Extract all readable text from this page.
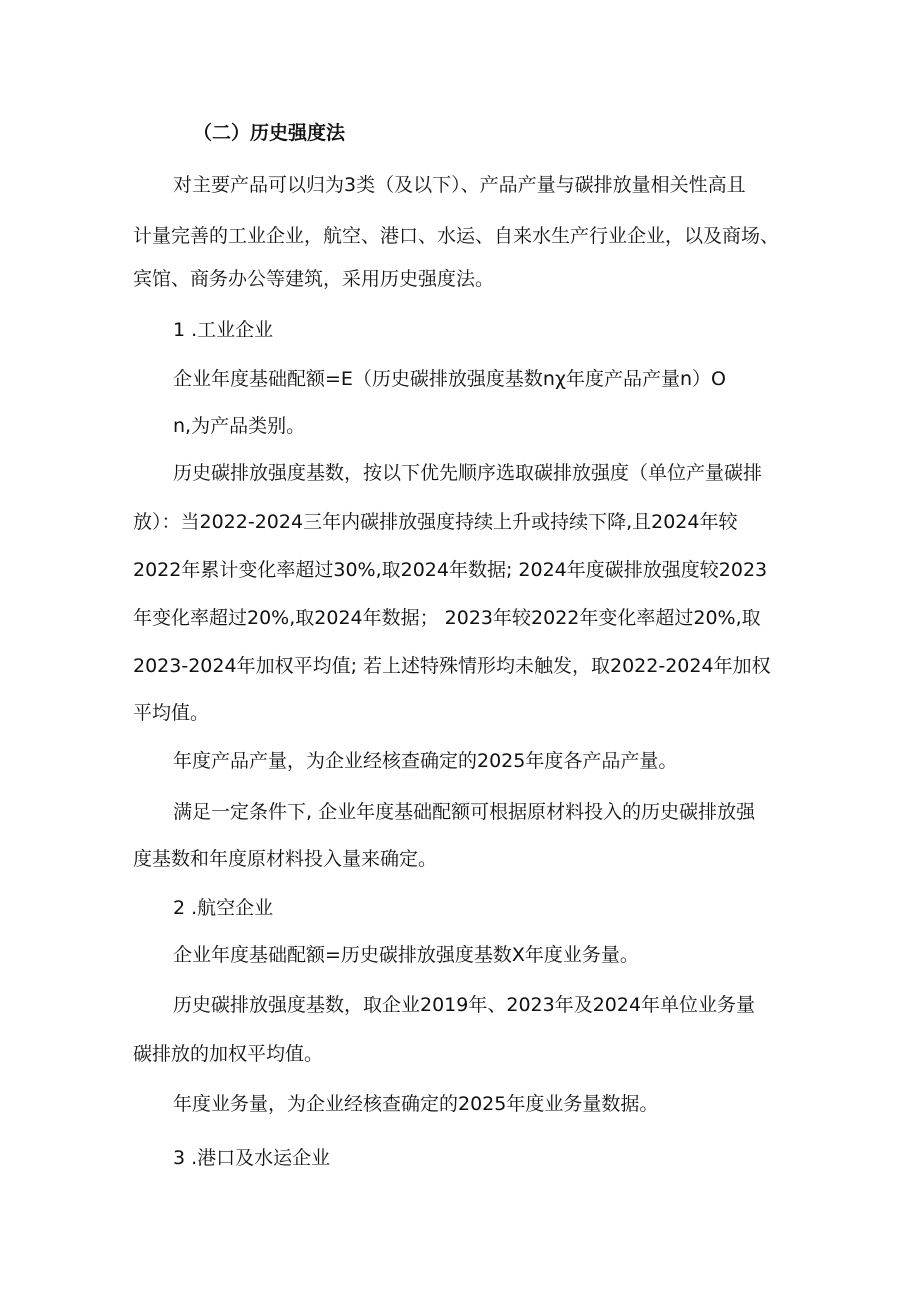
（二）历史强度法
对主要产品可以归为3类（及以下）、产品产量与碳排放量相关性高且
计量完善的工业企业，航空、港口、水运、自来水生产行业企业，以及商场、
宾馆、商务办公等建筑，采用历史强度法。
1 .工业企业
企业年度基础配额=E（历史碳排放强度基数nχ年度产品产量n）O
n,为产品类别。
历史碳排放强度基数，按以下优先顺序选取碳排放强度（单位产量碳排
放）：当2022-2024三年内碳排放强度持续上升或持续下降,且2024年较
2022年累计变化率超过30%,取2024年数据; 2024年度碳排放强度较2023
年变化率超过20%,取2024年数据； 2023年较2022年变化率超过20%,取
2023-2024年加权平均值; 若上述特殊情形均未触发，取2022-2024年加权
平均值。
年度产品产量，为企业经核查确定的2025年度各产品产量。
满足一定条件下, 企业年度基础配额可根据原材料投入的历史碳排放强
度基数和年度原材料投入量来确定。
2 .航空企业
企业年度基础配额=历史碳排放强度基数X年度业务量。
历史碳排放强度基数，取企业2019年、2023年及2024年单位业务量
碳排放的加权平均值。
年度业务量，为企业经核查确定的2025年度业务量数据。
3 .港口及水运企业
